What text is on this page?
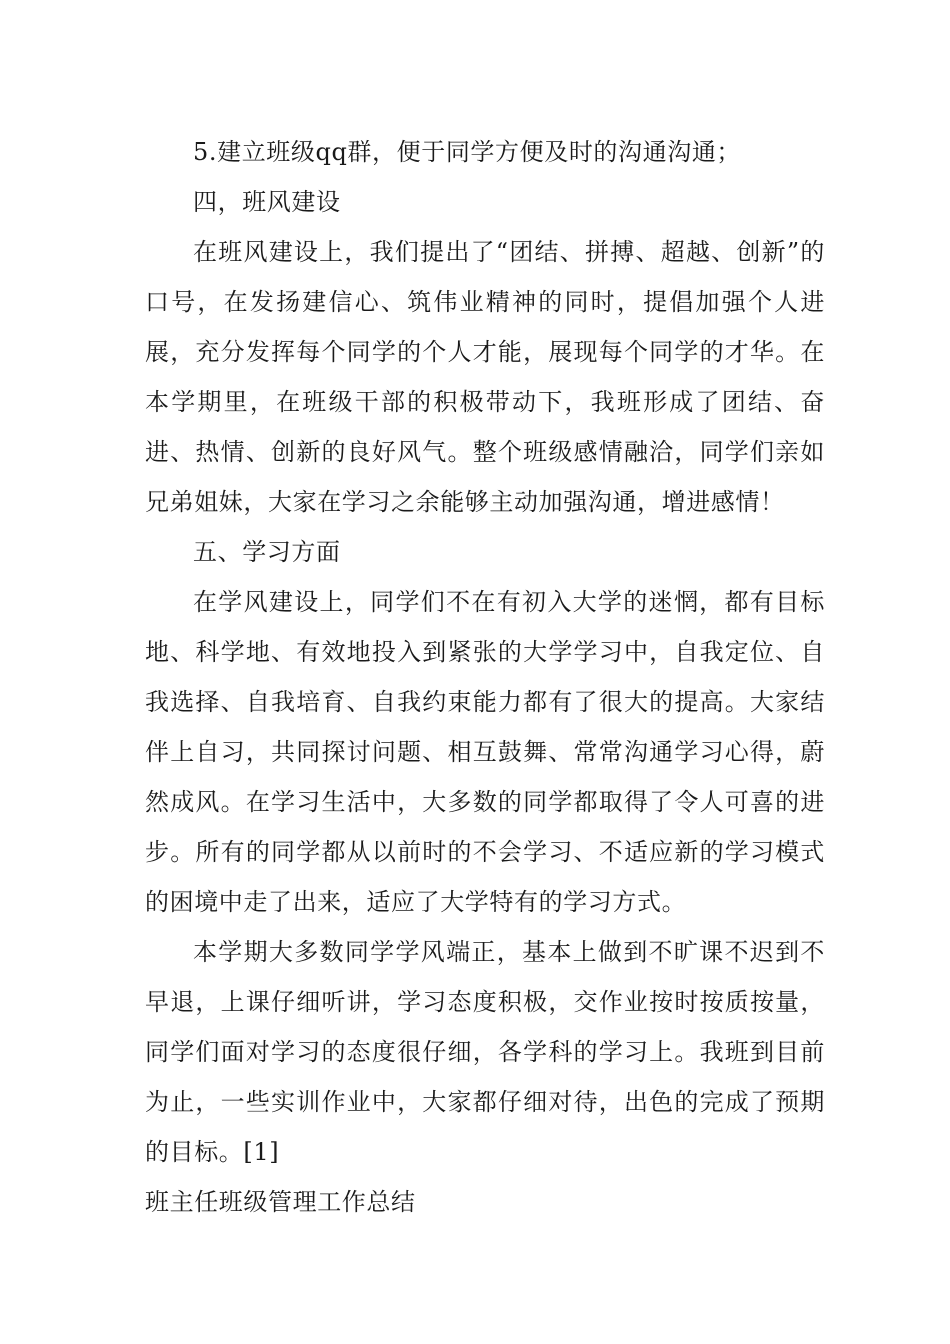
5.建立班级qq群，便于同学方便及时的沟通沟通；

四，班风建设

在班风建设上，我们提出了“团结、拼搏、超越、创新”的口号，在发扬建信心、筑伟业精神的同时，提倡加强个人进展，充分发挥每个同学的个人才能，展现每个同学的才华。在本学期里，在班级干部的积极带动下，我班形成了团结、奋进、热情、创新的良好风气。整个班级感情融洽，同学们亲如兄弟姐妹，大家在学习之余能够主动加强沟通，增进感情！

五、学习方面

在学风建设上，同学们不在有初入大学的迷惘，都有目标地、科学地、有效地投入到紧张的大学学习中，自我定位、自我选择、自我培育、自我约束能力都有了很大的提高。大家结伴上自习，共同探讨问题、相互鼓舞、常常沟通学习心得，蔚然成风。在学习生活中，大多数的同学都取得了令人可喜的进步。所有的同学都从以前时的不会学习、不适应新的学习模式的困境中走了出来，适应了大学特有的学习方式。

本学期大多数同学学风端正，基本上做到不旷课不迟到不早退，上课仔细听讲，学习态度积极，交作业按时按质按量，同学们面对学习的态度很仔细，各学科的学习上。我班到目前为止，一些实训作业中，大家都仔细对待，出色的完成了预期的目标。[1]

班主任班级管理工作总结
